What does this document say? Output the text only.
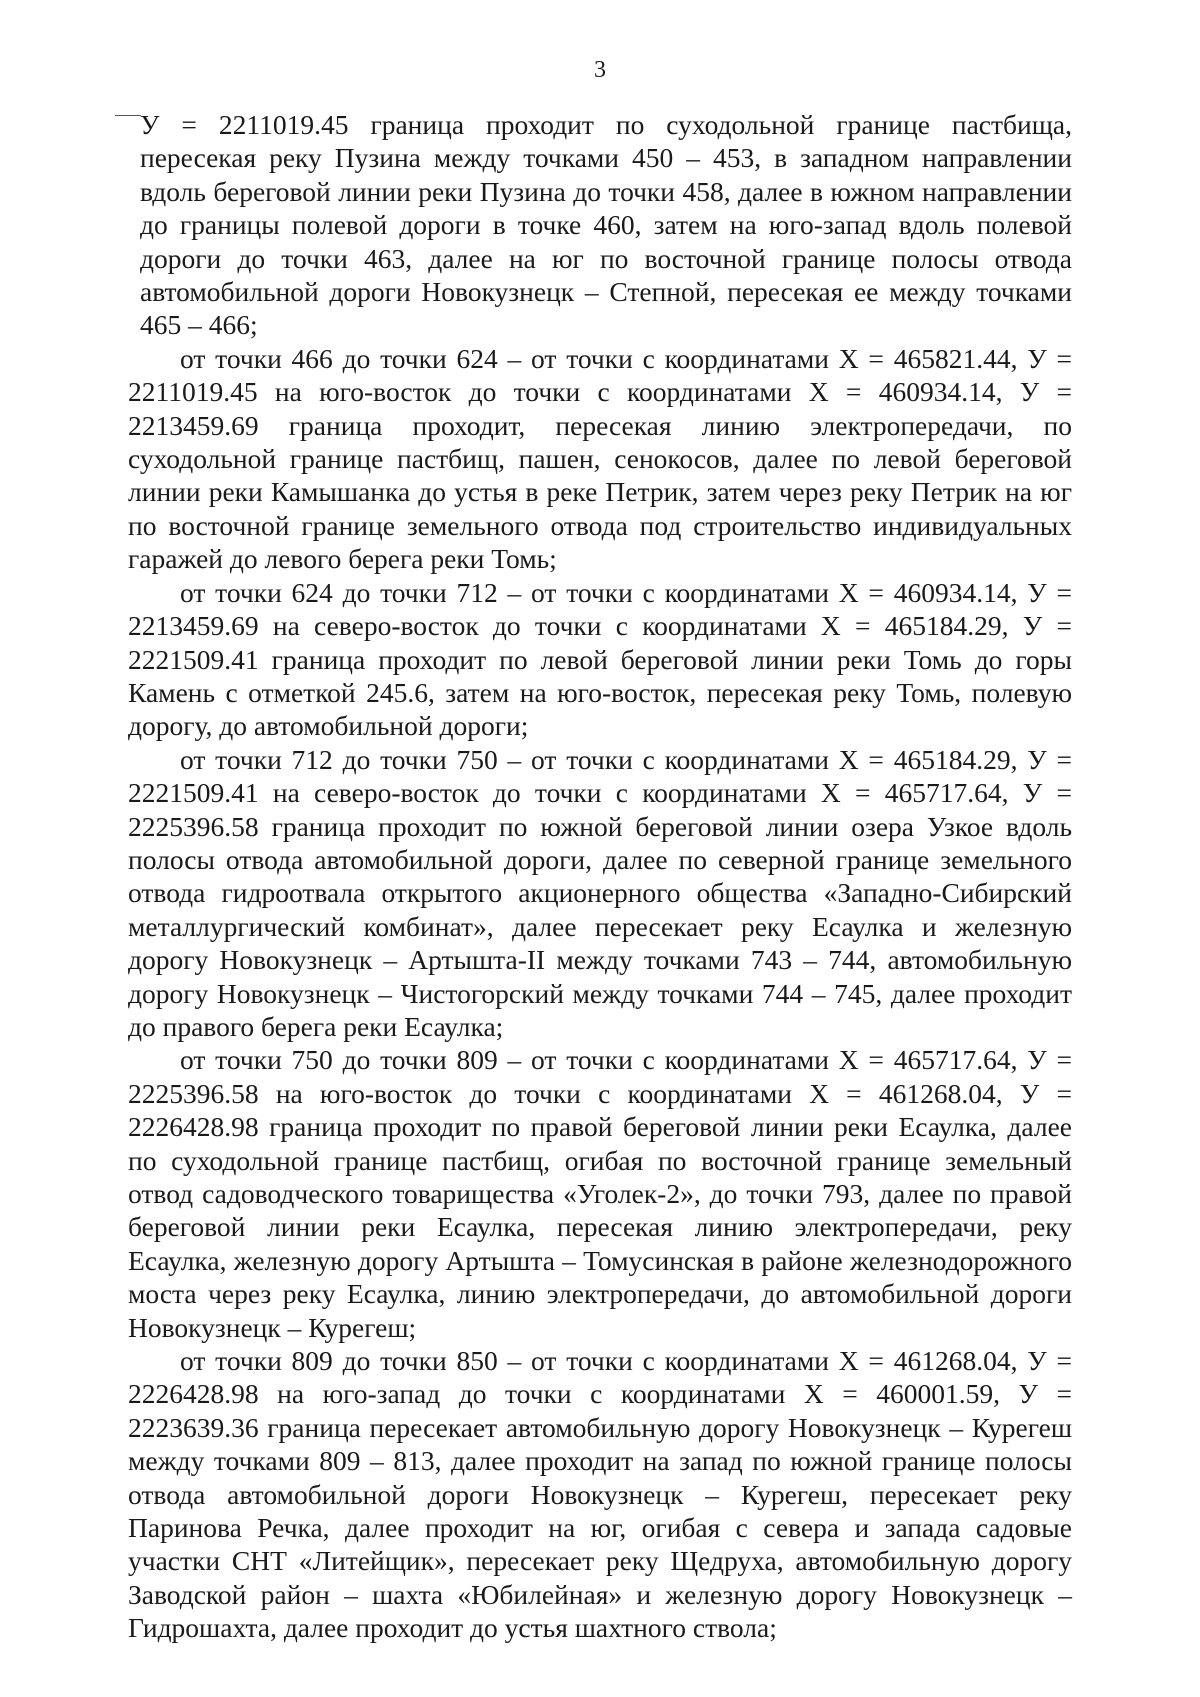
3

У = 2211019.45 граница проходит по суходольной границе пастбища, пересекая реку Пузина между точками 450 – 453, в западном направлении вдоль береговой линии реки Пузина до точки 458, далее в южном направлении до границы полевой дороги в точке 460, затем на юго-запад вдоль полевой дороги до точки 463, далее на юг по восточной границе полосы отвода автомобильной дороги Новокузнецк – Степной, пересекая ее между точками 465 – 466;

от точки 466 до точки 624 – от точки с координатами X = 465821.44, У = 2211019.45 на юго-восток до точки с координатами X = 460934.14, У = 2213459.69 граница проходит, пересекая линию электропередачи, по суходольной границе пастбищ, пашен, сенокосов, далее по левой береговой линии реки Камышанка до устья в реке Петрик, затем через реку Петрик на юг по восточной границе земельного отвода под строительство индивидуальных гаражей до левого берега реки Томь;

от точки 624 до точки 712 – от точки с координатами X = 460934.14, У = 2213459.69 на северо-восток до точки с координатами X = 465184.29, У = 2221509.41 граница проходит по левой береговой линии реки Томь до горы Камень с отметкой 245.6, затем на юго-восток, пересекая реку Томь, полевую дорогу, до автомобильной дороги;

от точки 712 до точки 750 – от точки с координатами X = 465184.29, У = 2221509.41 на северо-восток до точки с координатами X = 465717.64, У = 2225396.58 граница проходит по южной береговой линии озера Узкое вдоль полосы отвода автомобильной дороги, далее по северной границе земельного отвода гидроотвала открытого акционерного общества «Западно-Сибирский металлургический комбинат», далее пересекает реку Есаулка и железную дорогу Новокузнецк – Артышта-II между точками 743 – 744, автомобильную дорогу Новокузнецк – Чистогорский между точками 744 – 745, далее проходит до правого берега реки Есаулка;

от точки 750 до точки 809 – от точки с координатами X = 465717.64, У = 2225396.58 на юго-восток до точки с координатами X = 461268.04, У = 2226428.98 граница проходит по правой береговой линии реки Есаулка, далее по суходольной границе пастбищ, огибая по восточной границе земельный отвод садоводческого товарищества «Уголек-2», до точки 793, далее по правой береговой линии реки Есаулка, пересекая линию электропередачи, реку Есаулка, железную дорогу Артышта – Томусинская в районе железнодорожного моста через реку Есаулка, линию электропередачи, до автомобильной дороги Новокузнецк – Курегеш;

от точки 809 до точки 850 – от точки с координатами X = 461268.04, У = 2226428.98 на юго-запад до точки с координатами X = 460001.59, У = 2223639.36 граница пересекает автомобильную дорогу Новокузнецк – Курегеш между точками 809 – 813, далее проходит на запад по южной границе полосы отвода автомобильной дороги Новокузнецк – Курегеш, пересекает реку Паринова Речка, далее проходит на юг, огибая с севера и запада садовые участки СНТ «Литейщик», пересекает реку Щедруха, автомобильную дорогу Заводской район – шахта «Юбилейная» и железную дорогу Новокузнецк – Гидрошахта, далее проходит до устья шахтного ствола;
